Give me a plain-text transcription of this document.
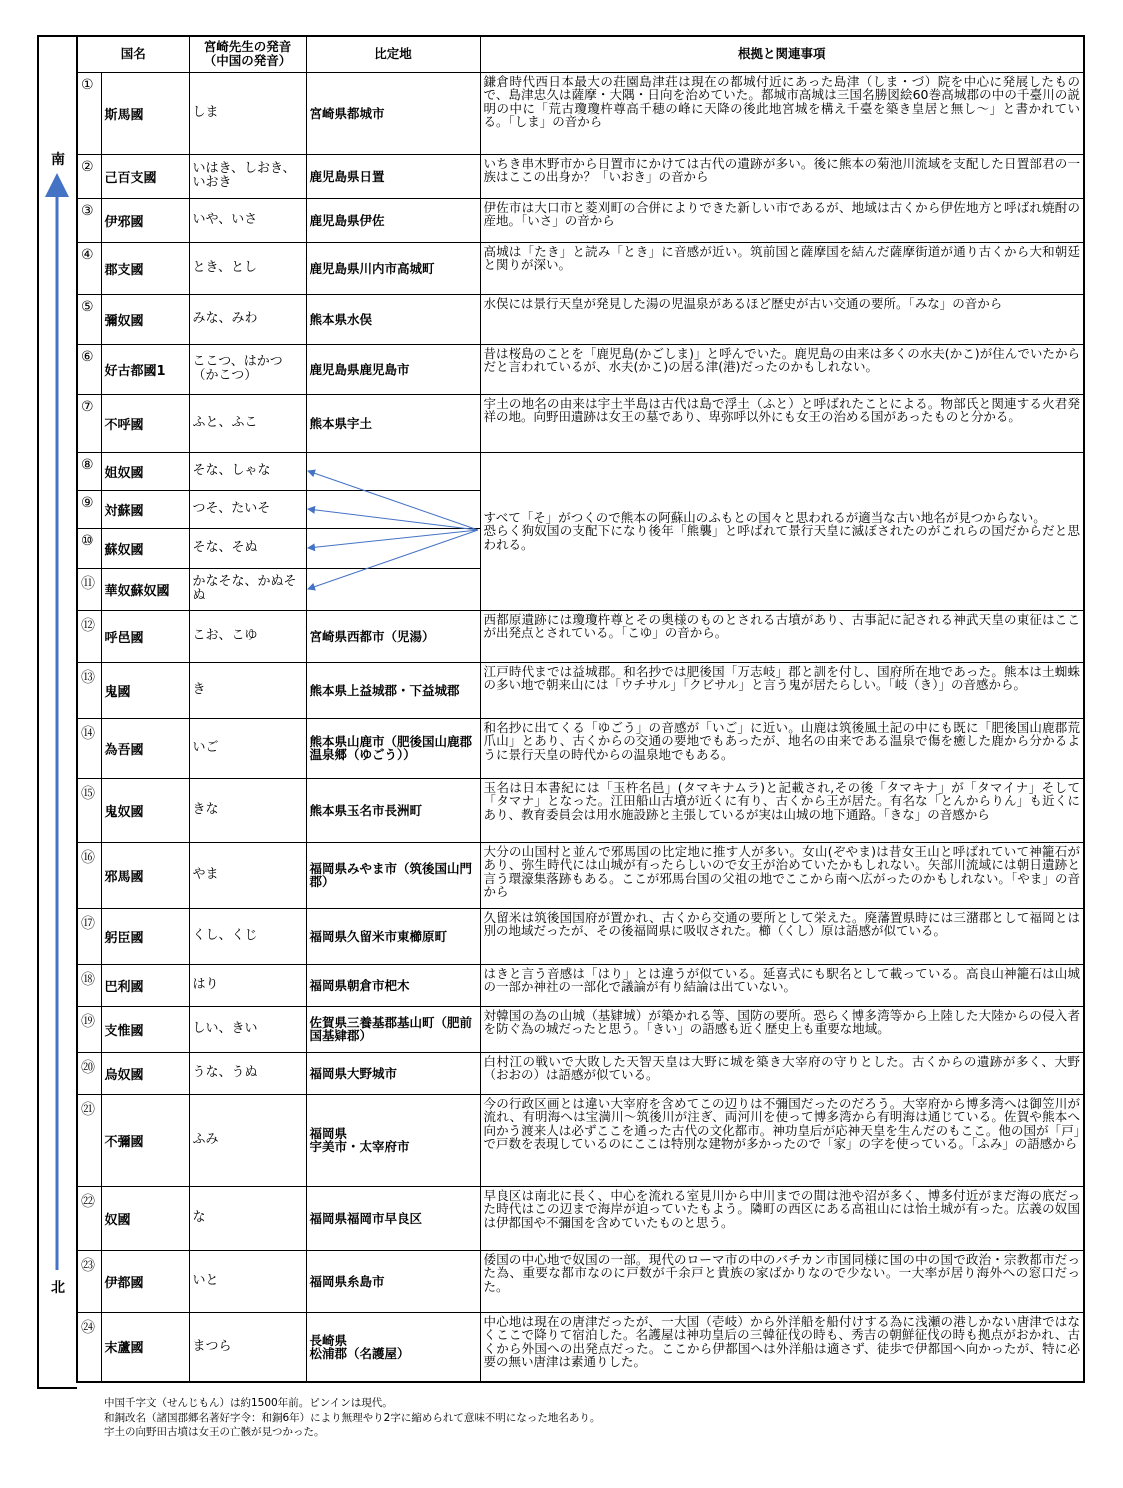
南
北
国名		宮崎先生の発音
（中国の発音）	比定地	根拠と関連事項

①	斯馬國	しま	宮崎県都城市	鎌倉時代西日本最大の荘園島津荘は現在の都城付近にあった島津（しま・づ）院を中心に発展したもので、島津忠久は薩摩・大隅・日向を治めていた。都城市高城は三国名勝図絵60巻高城郡の中の千臺川の説明の中に「荒古瓊瓊杵尊高千穂の峰に天降の後此地宮城を構え千臺を築き皇居と無し～」と書かれている。「しま」の音から

②	己百支國	いはき、しおき、いおき	鹿児島県日置	いちき串木野市から日置市にかけては古代の遺跡が多い。後に熊本の菊池川流域を支配した日置部君の一族はここの出身か？「いおき」の音から

③	伊邪國	いや、いさ	鹿児島県伊佐	伊佐市は大口市と菱刈町の合併によりできた新しい市であるが、地域は古くから伊佐地方と呼ばれ焼酎の産地。「いさ」の音から

④	郡支國	とき、とし	鹿児島県川内市高城町	高城は「たき」と読み「とき」に音感が近い。筑前国と薩摩国を結んだ薩摩街道が通り古くから大和朝廷と関りが深い。

⑤	彌奴國	みな、みわ	熊本県水俣	水俣には景行天皇が発見した湯の児温泉があるほど歴史が古い交通の要所。「みな」の音から

⑥	好古都國1	ここつ、はかつ（かこつ）	鹿児島県鹿児島市	昔は桜島のことを「鹿児島(かごしま)」と呼んでいた。鹿児島の由来は多くの水夫(かこ)が住んでいたからだと言われているが、水夫(かこ)の居る津(港)だったのかもしれない。

⑦	不呼國	ふと、ふこ	熊本県宇土	宇土の地名の由来は宇土半島は古代は島で浮土（ふと）と呼ばれたことによる。物部氏と関連する火君発祥の地。向野田遺跡は女王の墓であり、卑弥呼以外にも女王の治める国があったものと分かる。

⑧	姐奴國	そな、しゃな		すべて「そ」がつくので熊本の阿蘇山のふもとの国々と思われるが適当な古い地名が見つからない。
恐らく狗奴国の支配下になり後年「熊襲」と呼ばれて景行天皇に滅ぼされたのがこれらの国だからだと思われる。

⑨	対蘇國	つそ、たいそ		

⑩	蘇奴國	そな、そぬ		

⑪	華奴蘇奴國	かなそな、かぬそぬ		

⑫	呼邑國	こお、こゆ	宮崎県西都市（児湯）	西都原遺跡には瓊瓊杵尊とその奥様のものとされる古墳があり、古事記に記される神武天皇の東征はここが出発点とされている。「こゆ」の音から。

⑬	鬼國	き	熊本県上益城郡・下益城郡	江戸時代までは益城郡。和名抄では肥後国「万志岐」郡と訓を付し、国府所在地であった。熊本は土蜘蛛の多い地で朝来山には「ウチサル」「クビサル」と言う鬼が居たらしい。「岐（き）」の音感から。

⑭	為吾國	いご	熊本県山鹿市（肥後国山鹿郡温泉郷（ゆごう））	和名抄に出てくる「ゆごう」の音感が「いご」に近い。山鹿は筑後風土記の中にも既に「肥後国山鹿郡荒爪山」とあり、古くからの交通の要地でもあったが、地名の由来である温泉で傷を癒した鹿から分かるように景行天皇の時代からの温泉地でもある。

⑮	鬼奴國	きな	熊本県玉名市長洲町	玉名は日本書紀には「玉杵名邑」(タマキナムラ)と記載され,その後「タマキナ」が「タマイナ」そして「タマナ」となった。江田船山古墳が近くに有り、古くから王が居た。有名な「とんからりん」も近くにあり、教育委員会は用水施設跡と主張しているが実は山城の地下通路。「きな」の音感から

⑯	邪馬國	やま	福岡県みやま市（筑後国山門郡）	大分の山国村と並んで邪馬国の比定地に推す人が多い。女山(ぞやま)は昔女王山と呼ばれていて神籠石があり、弥生時代には山城が有ったらしいので女王が治めていたかもしれない。矢部川流域には朝日遺跡と言う環濠集落跡もある。ここが邪馬台国の父祖の地でここから南へ広がったのかもしれない。「やま」の音から

⑰	躬臣國	くし、くじ	福岡県久留米市東櫛原町	久留米は筑後国国府が置かれ、古くから交通の要所として栄えた。廃藩置県時には三潴郡として福岡とは別の地域だったが、その後福岡県に吸収された。櫛（くし）原は語感が似ている。

⑱	巴利國	はり	福岡県朝倉市杷木	はきと言う音感は「はり」とは違うが似ている。延喜式にも駅名として載っている。高良山神籠石は山城の一部か神社の一部化で議論が有り結論は出ていない。

⑲	支惟國	しい、きい	佐賀県三養基郡基山町（肥前国基肄郡）	対韓国の為の山城（基肄城）が築かれる等、国防の要所。恐らく博多湾等から上陸した大陸からの侵入者を防ぐ為の城だったと思う。「きい」の語感も近く歴史上も重要な地域。

⑳	烏奴國	うな、うぬ	福岡県大野城市	白村江の戦いで大敗した天智天皇は大野に城を築き大宰府の守りとした。古くからの遺跡が多く、大野（おおの）は語感が似ている。

㉑	不彌國	ふみ	福岡県
宇美市・太宰府市	今の行政区画とは違い大宰府を含めてこの辺りは不彌国だったのだろう。大宰府から博多湾へは御笠川が流れ、有明海へは宝満川～筑後川が注ぎ、両河川を使って博多湾から有明海は通じている。佐賀や熊本へ向かう渡来人は必ずここを通った古代の文化都市。神功皇后が応神天皇を生んだのもここ。他の国が「戸」で戸数を表現しているのにここは特別な建物が多かったので「家」の字を使っている。「ふみ」の語感から

㉒	奴國	な	福岡県福岡市早良区	早良区は南北に長く、中心を流れる室見川から中川までの間は池や沼が多く、博多付近がまだ海の底だった時代はこの辺まで海岸が迫っていたもよう。隣町の西区にある高祖山には怡土城が有った。広義の奴国は伊都国や不彌国を含めていたものと思う。

㉓	伊都國	いと	福岡県糸島市	倭国の中心地で奴国の一部。現代のローマ市の中のバチカン市国同様に国の中の国で政治・宗教都市だった為、重要な都市なのに戸数が千余戸と貴族の家ばかりなので少ない。一大率が居り海外への窓口だった。

㉔	末蘆國	まつら	長崎県
松浦郡（名護屋）	中心地は現在の唐津だったが、一大国（壱岐）から外洋船を船付けする為に浅瀬の港しかない唐津ではなくここで降りて宿泊した。名護屋は神功皇后の三韓征伐の時も、秀吉の朝鮮征伐の時も拠点がおかれ、古くから外国への出発点だった。ここから伊都国へは外洋船は適さず、徒歩で伊都国へ向かったが、特に必要の無い唐津は素通りした。
中国千字文（せんじもん）は約1500年前。ピンインは現代。
和銅改名（諸国郡郷名著好字令：和銅6年）により無理やり2字に縮められて意味不明になった地名あり。
宇土の向野田古墳は女王の亡骸が見つかった。
